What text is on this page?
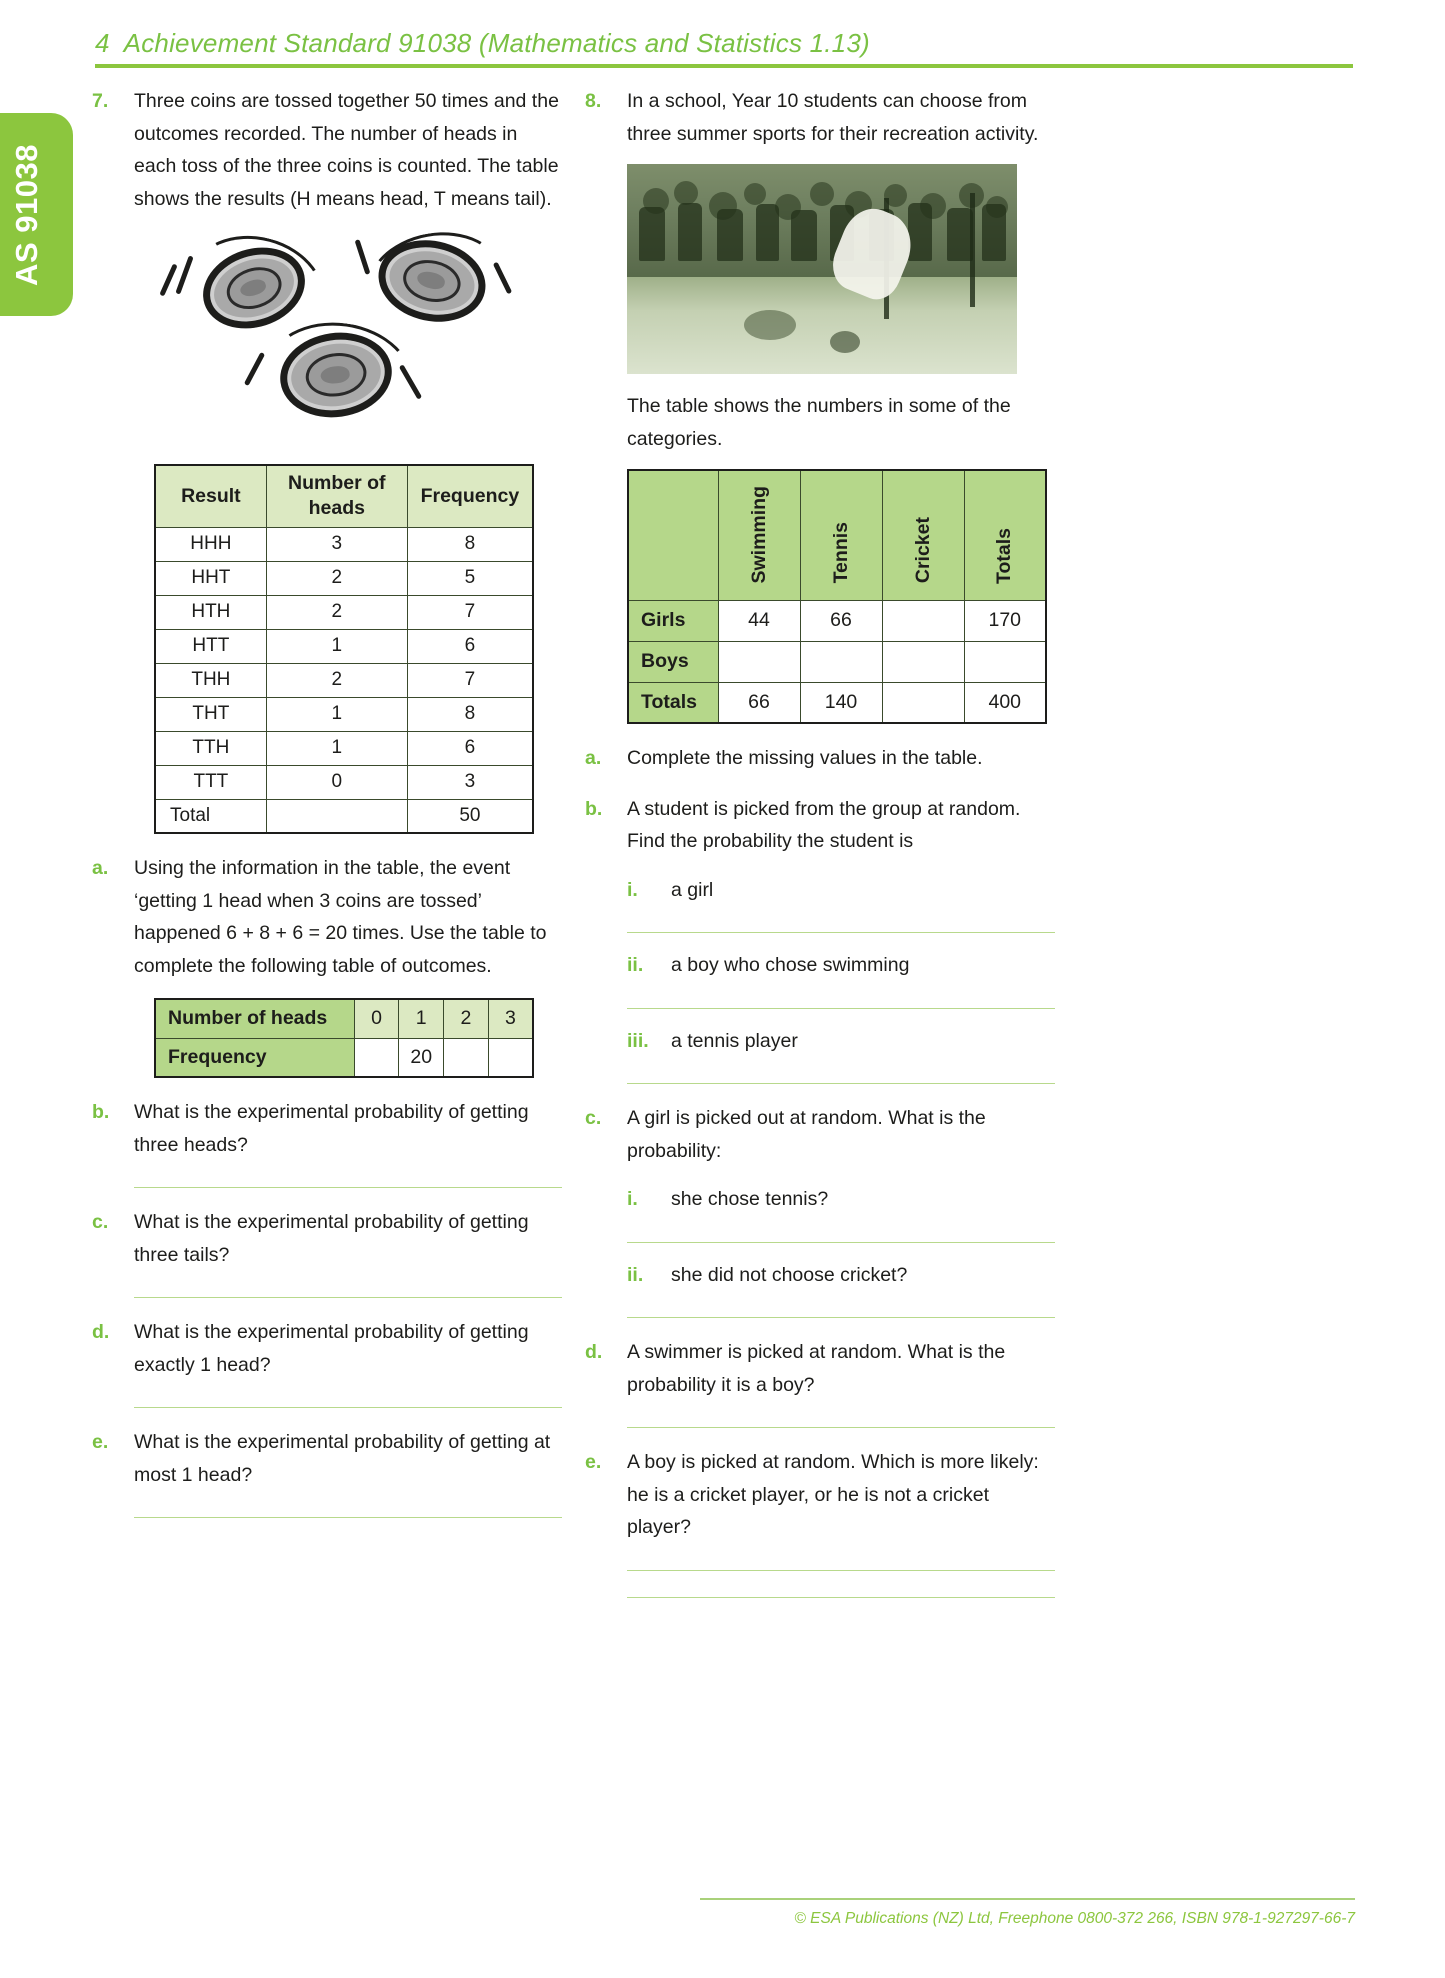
4 Achievement Standard 91038 (Mathematics and Statistics 1.13)
AS 91038
7.	Three coins are tossed together 50 times and the outcomes recorded. The number of heads in each toss of the three coins is counted. The table shows the results (H means head, T means tail).
Result	Number of heads	Frequency
HHH	3	8
HHT	2	5
HTH	2	7
HTT	1	6
THH	2	7
THT	1	8
TTH	1	6
TTT	0	3
Total		50
a.	Using the information in the table, the event ‘getting 1 head when 3 coins are tossed’ happened 6 + 8 + 6 = 20 times. Use the table to complete the following table of outcomes.
Number of heads	0	1	2	3
Frequency		20		
b.	What is the experimental probability of getting three heads?
c.	What is the experimental probability of getting three tails?
d.	What is the experimental probability of getting exactly 1 head?
e.	What is the experimental probability of getting at most 1 head?
8.	In a school, Year 10 students can choose from three summer sports for their recreation activity.
The table shows the numbers in some of the categories.
	Swimming	Tennis	Cricket	Totals
Girls	44	66		170
Boys				
Totals	66	140		400
a.	Complete the missing values in the table.
b.	A student is picked from the group at random. Find the probability the student is
i.	a girl
ii.	a boy who chose swimming
iii.	a tennis player
c.	A girl is picked out at random. What is the probability:
i.	she chose tennis?
ii.	she did not choose cricket?
d.	A swimmer is picked at random. What is the probability it is a boy?
e.	A boy is picked at random. Which is more likely: he is a cricket player, or he is not a cricket player?
© ESA Publications (NZ) Ltd, Freephone 0800-372 266, ISBN 978-1-927297-66-7
